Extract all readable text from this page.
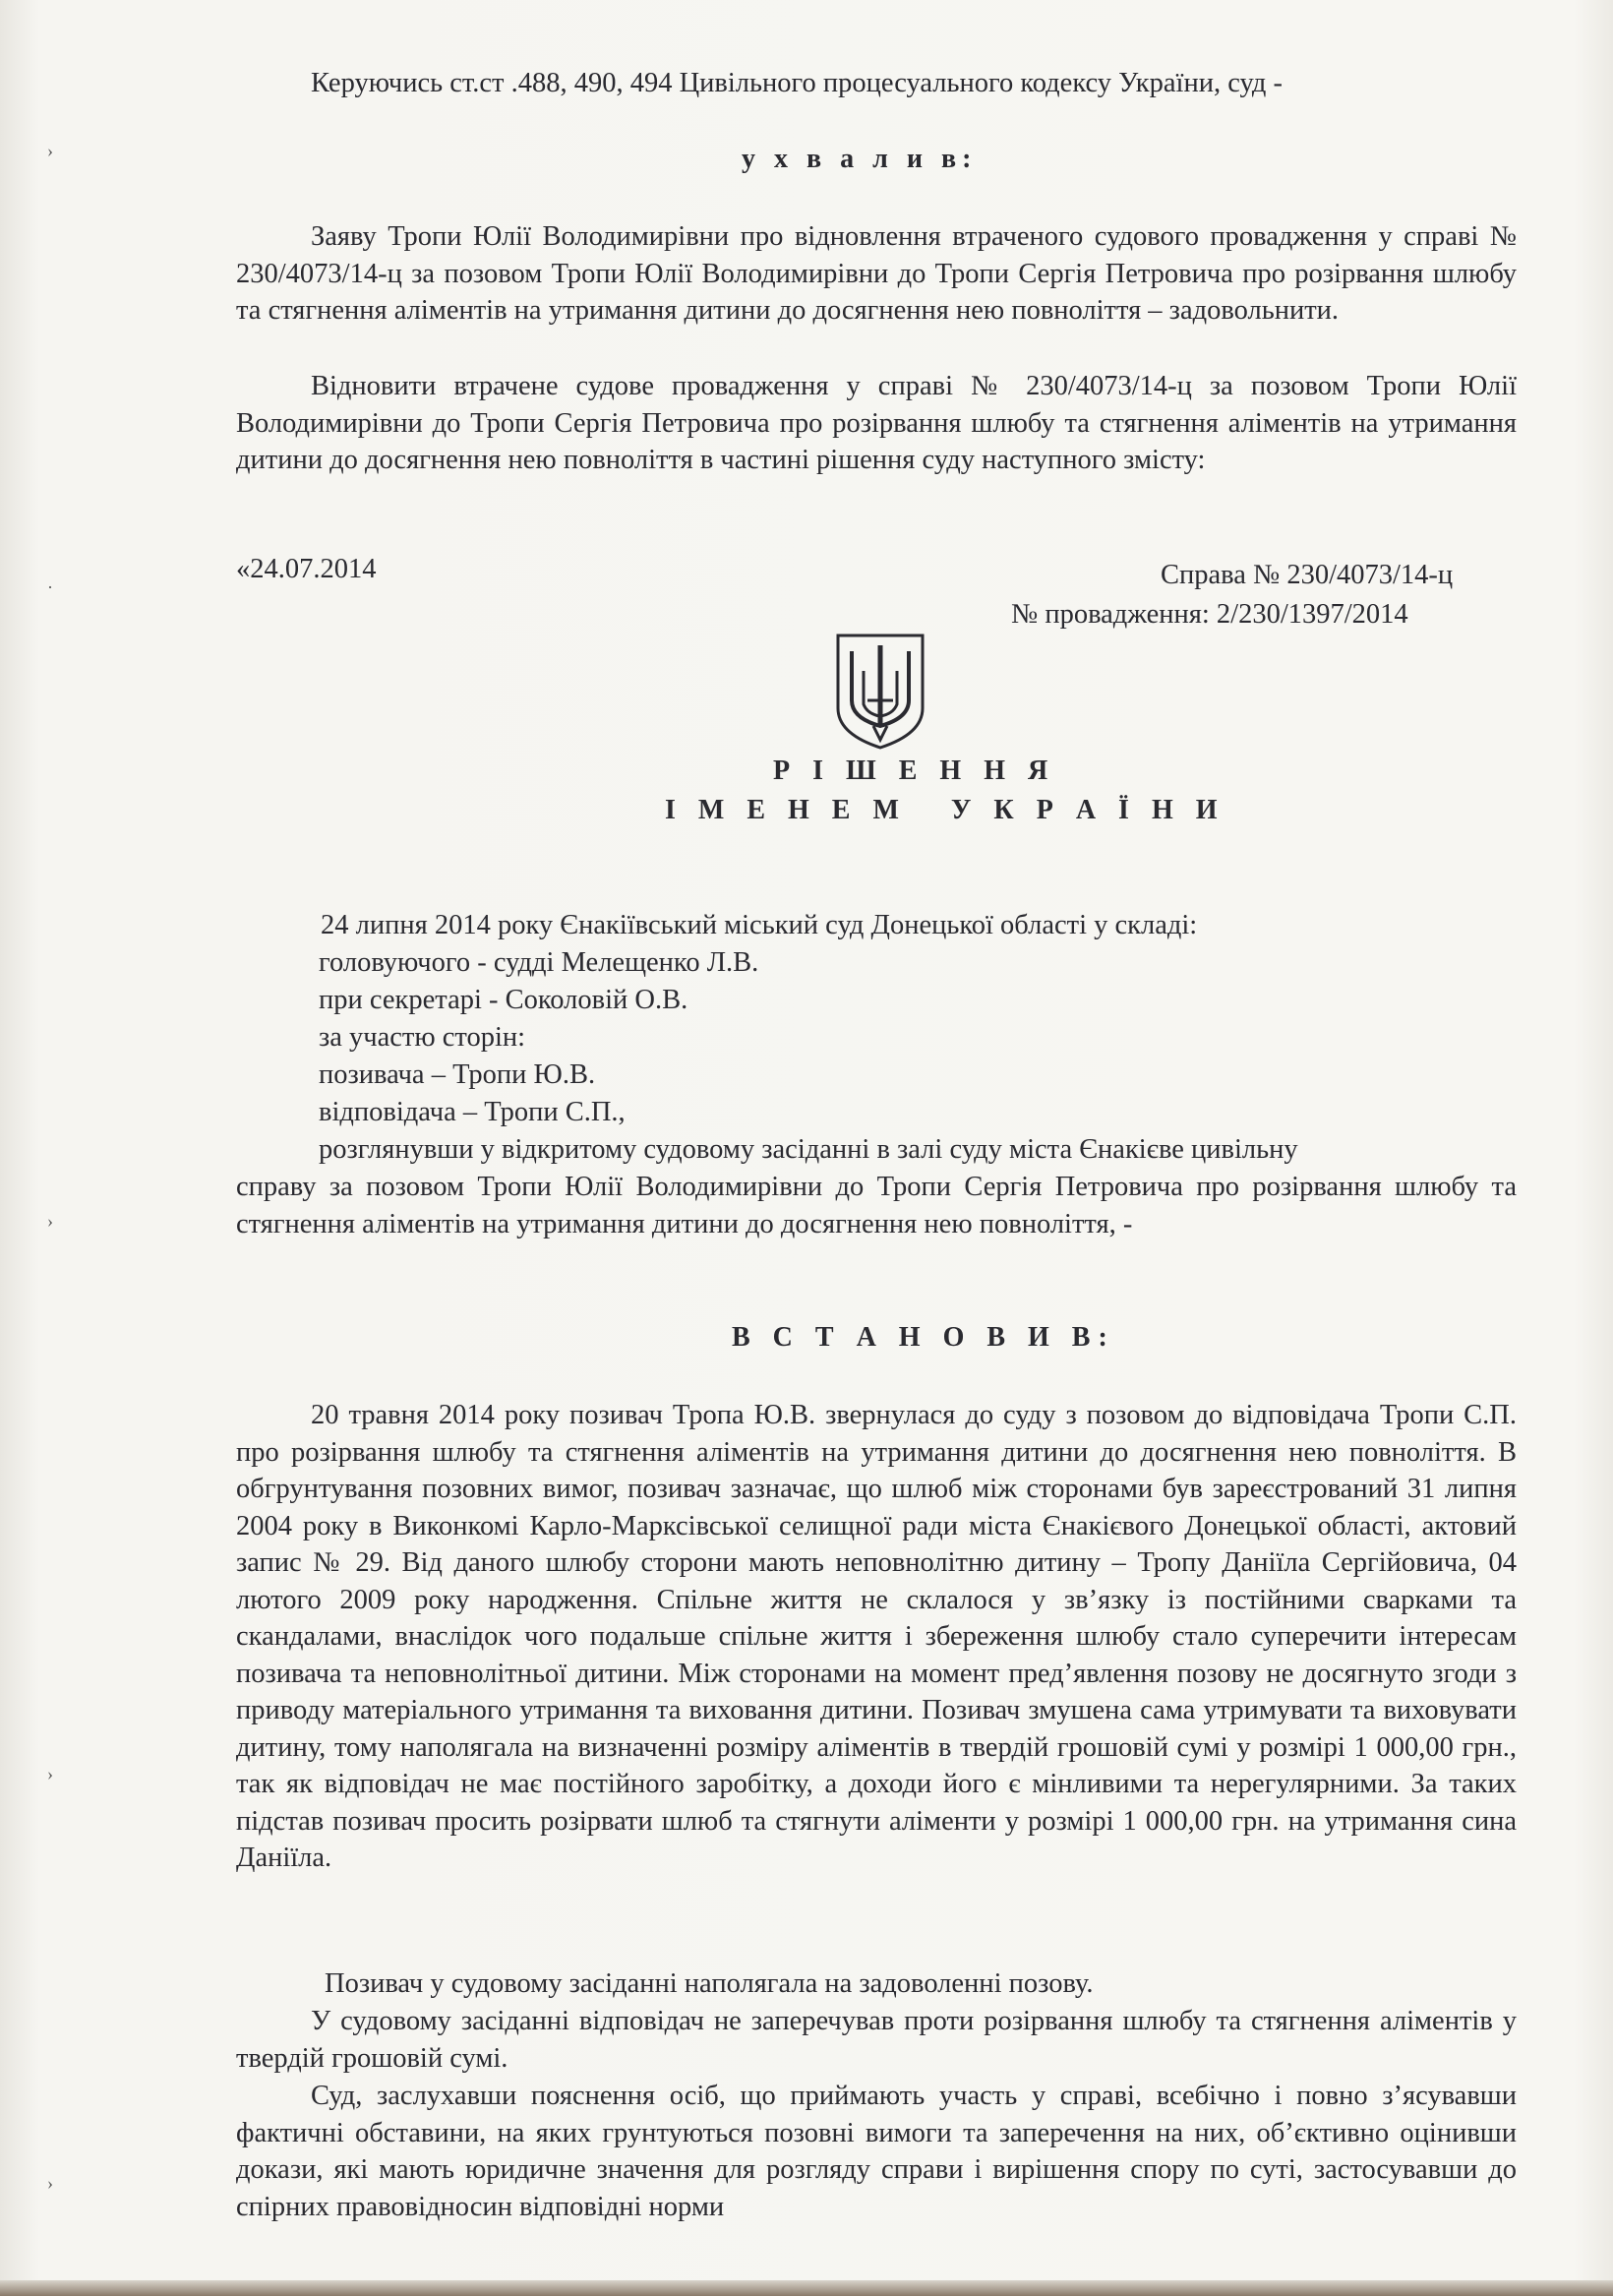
›
·
›
›
›
Керуючись ст.ст .488, 490, 494 Цивільного процесуального кодексу України, суд -
у х в а л и в:
Заяву Тропи Юлії Володимирівни про відновлення втраченого судового провадження у справі № 230/4073/14-ц за позовом Тропи Юлії Володимирівни до Тропи Сергія Петровича про розірвання шлюбу та стягнення аліментів на утримання дитини до досягнення нею повноліття – задовольнити.
Відновити втрачене судове провадження у справі № 230/4073/14-ц за позовом Тропи Юлії Володимирівни до Тропи Сергія Петровича про розірвання шлюбу та стягнення аліментів на утримання дитини до досягнення нею повноліття в частині рішення суду наступного змісту:
«24.07.2014	Справа № 230/4073/14-ц
№ провадження: 2/230/1397/2014
Р І Ш Е Н Н Я
І М Е Н Е М   У К Р А Ї Н И
24 липня 2014 року Єнакіївський міський суд Донецької області у складі:
головуючого - судді Мелещенко Л.В.
при секретарі - Соколовій О.В.
за участю сторін:
позивача – Тропи Ю.В.
відповідача – Тропи С.П.,
розглянувши у відкритому судовому засіданні в залі суду міста Єнакієве цивільну
справу за позовом Тропи Юлії Володимирівни до Тропи Сергія Петровича про розірвання шлюбу та стягнення аліментів на утримання дитини до досягнення нею повноліття, -
В С Т А Н О В И В:
20 травня 2014 року позивач Тропа Ю.В. звернулася до суду з позовом до відповідача Тропи С.П. про розірвання шлюбу та стягнення аліментів на утримання дитини до досягнення нею повноліття. В обгрунтування позовних вимог, позивач зазначає, що шлюб між сторонами був зареєстрований 31 липня 2004 року в Виконкомі Карло-Марксівської селищної ради міста Єнакієвого Донецької області, актовий запис № 29. Від даного шлюбу сторони мають неповнолітню дитину – Тропу Даніїла Сергійовича, 04 лютого 2009 року народження. Спільне життя не склалося у зв’язку із постійними сварками та скандалами, внаслідок чого подальше спільне життя і збереження шлюбу стало суперечити інтересам позивача та неповнолітньої дитини. Між сторонами на момент пред’явлення позову не досягнуто згоди з приводу матеріального утримання та виховання дитини. Позивач змушена сама утримувати та виховувати дитину, тому наполягала на визначенні розміру аліментів в твердій грошовій сумі у розмірі 1 000,00 грн., так як відповідач не має постійного заробітку, а доходи його є мінливими та нерегулярними. За таких підстав позивач просить розірвати шлюб та стягнути аліменти у розмірі 1 000,00 грн. на утримання сина Даніїла.
Позивач у судовому засіданні наполягала на задоволенні позову.
У судовому засіданні відповідач не заперечував проти розірвання шлюбу та стягнення аліментів у твердій грошовій сумі.
Суд, заслухавши пояснення осіб, що приймають участь у справі, всебічно і повно з’ясувавши фактичні обставини, на яких грунтуються позовні вимоги та заперечення на них, об’єктивно оцінивши докази, які мають юридичне значення для розгляду справи і вирішення спору по суті, застосувавши до спірних правовідносин відповідні норми
